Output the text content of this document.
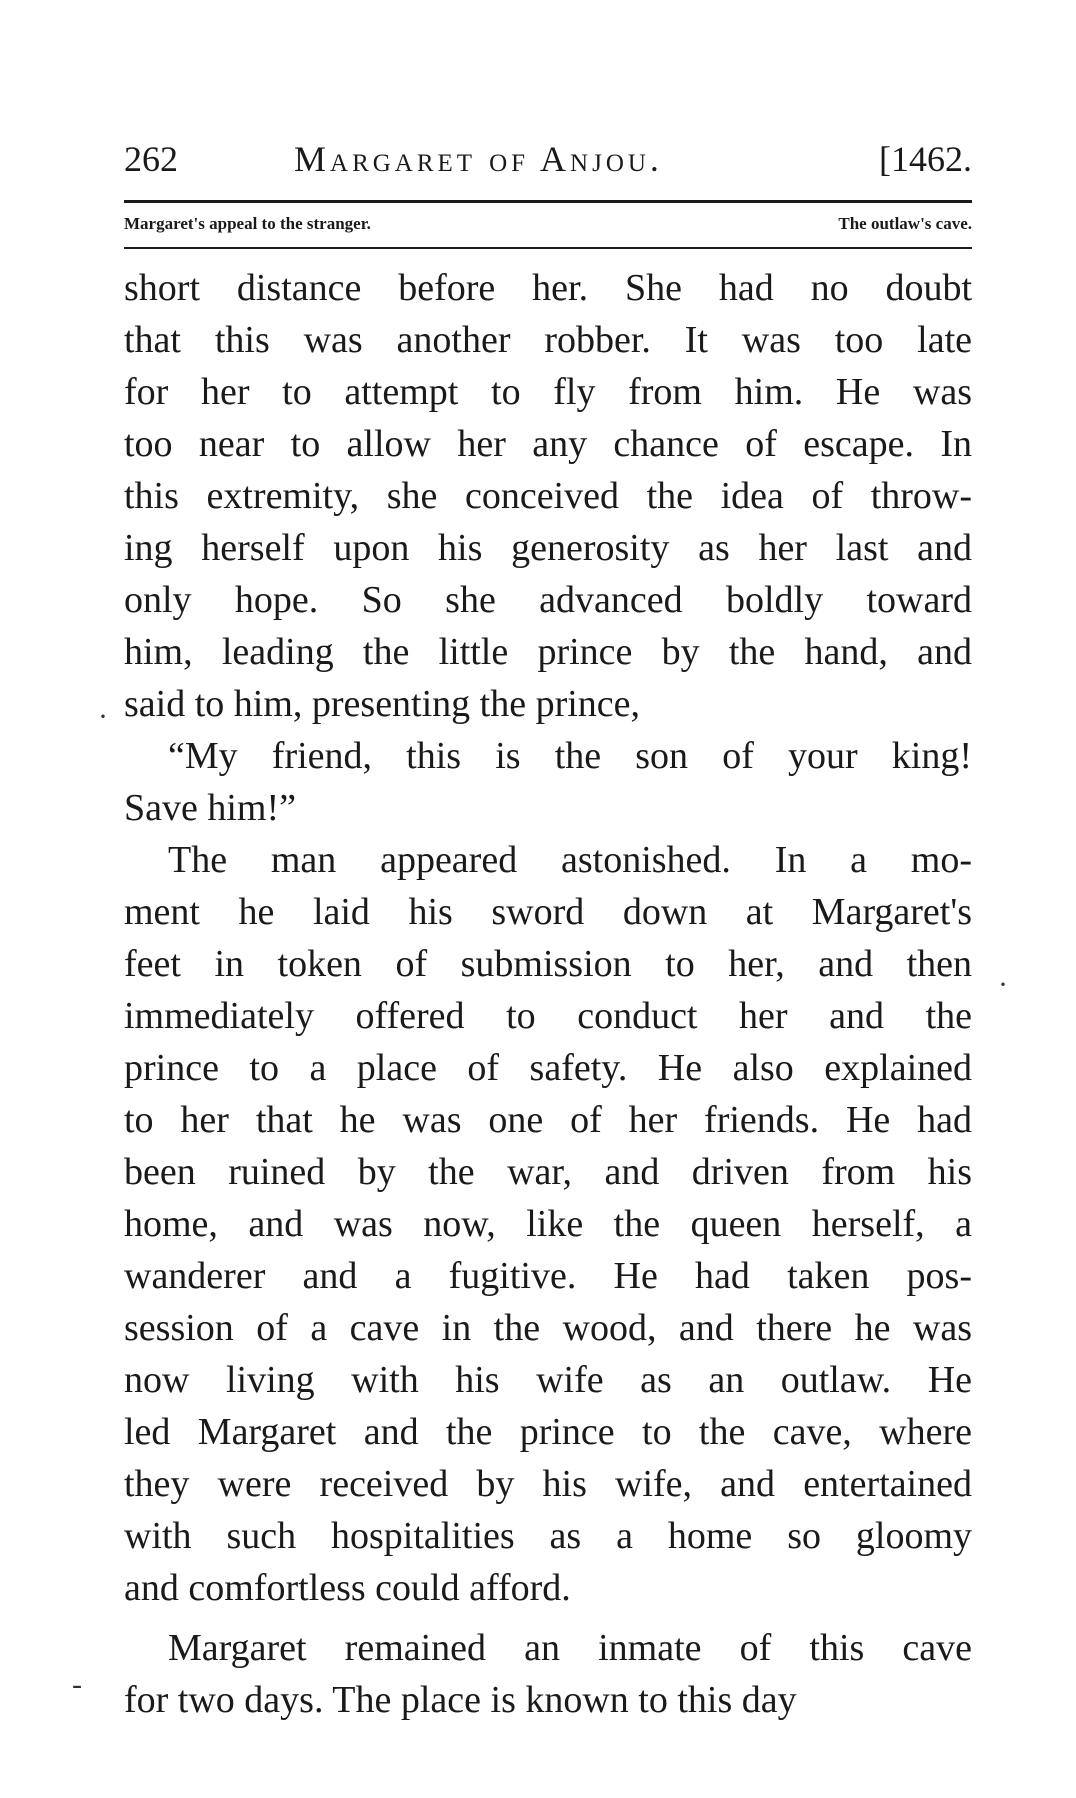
262	Margaret of Anjou.	[1462.
Margaret's appeal to the stranger.	The outlaw's cave.
short distance before her. She had no doubt
that this was another robber. It was too late
for her to attempt to fly from him. He was
too near to allow her any chance of escape. In
this extremity, she conceived the idea of throw-
ing herself upon his generosity as her last and
only hope. So she advanced boldly toward
him, leading the little prince by the hand, and
said to him, presenting the prince,
“My friend, this is the son of your king!
Save him!”
The man appeared astonished. In a mo-
ment he laid his sword down at Margaret's
feet in token of submission to her, and then
immediately offered to conduct her and the
prince to a place of safety. He also explained
to her that he was one of her friends. He had
been ruined by the war, and driven from his
home, and was now, like the queen herself, a
wanderer and a fugitive. He had taken pos-
session of a cave in the wood, and there he was
now living with his wife as an outlaw. He
led Margaret and the prince to the cave, where
they were received by his wife, and entertained
with such hospitalities as a home so gloomy
and comfortless could afford.
Margaret remained an inmate of this cave
for two days. The place is known to this day
·
·
-
